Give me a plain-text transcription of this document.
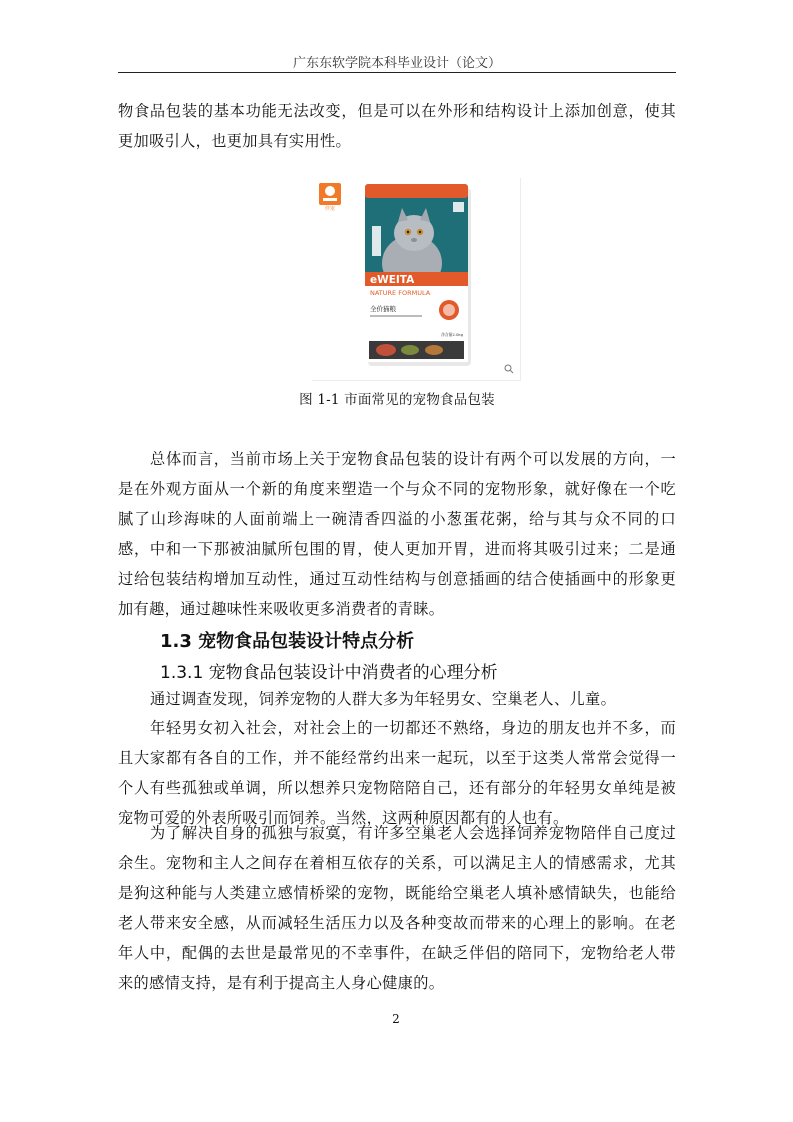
广东东软学院本科毕业设计（论文）
物食品包装的基本功能无法改变，但是可以在外形和结构设计上添加创意，使其更加吸引人，也更加具有实用性。
伴宠
eWEITA
NATURE FORMULA
全价猫粮
净含量2.0kg
图 1-1 市面常见的宠物食品包装
总体而言，当前市场上关于宠物食品包装的设计有两个可以发展的方向，一是在外观方面从一个新的角度来塑造一个与众不同的宠物形象，就好像在一个吃腻了山珍海味的人面前端上一碗清香四溢的小葱蛋花粥，给与其与众不同的口感，中和一下那被油腻所包围的胃，使人更加开胃，进而将其吸引过来；二是通过给包装结构增加互动性，通过互动性结构与创意插画的结合使插画中的形象更加有趣，通过趣味性来吸收更多消费者的青睐。
1.3 宠物食品包装设计特点分析
1.3.1 宠物食品包装设计中消费者的心理分析
通过调查发现，饲养宠物的人群大多为年轻男女、空巢老人、儿童。
年轻男女初入社会，对社会上的一切都还不熟络，身边的朋友也并不多，而且大家都有各自的工作，并不能经常约出来一起玩，以至于这类人常常会觉得一个人有些孤独或单调，所以想养只宠物陪陪自己，还有部分的年轻男女单纯是被宠物可爱的外表所吸引而饲养。当然，这两种原因都有的人也有。
为了解决自身的孤独与寂寞，有许多空巢老人会选择饲养宠物陪伴自己度过余生。宠物和主人之间存在着相互依存的关系，可以满足主人的情感需求，尤其是狗这种能与人类建立感情桥梁的宠物，既能给空巢老人填补感情缺失，也能给老人带来安全感，从而减轻生活压力以及各种变故而带来的心理上的影响。在老年人中，配偶的去世是最常见的不幸事件，在缺乏伴侣的陪同下，宠物给老人带来的感情支持，是有利于提高主人身心健康的。
2
